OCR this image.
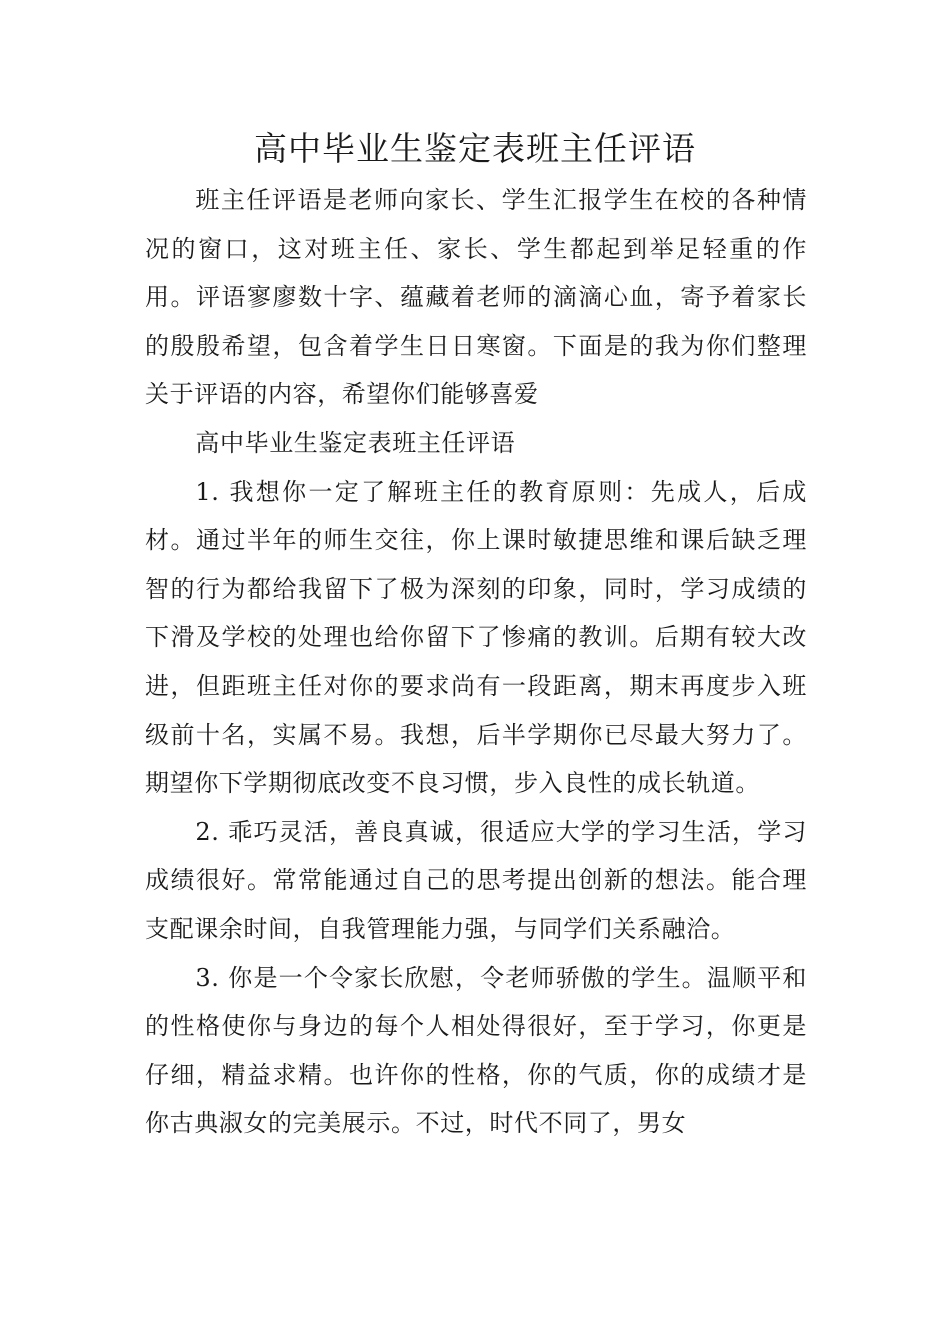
高中毕业生鉴定表班主任评语

班主任评语是老师向家长、学生汇报学生在校的各种情况的窗口，这对班主任、家长、学生都起到举足轻重的作用。评语寥廖数十字、蕴藏着老师的滴滴心血，寄予着家长的殷殷希望，包含着学生日日寒窗。下面是的我为你们整理关于评语的内容，希望你们能够喜爱

高中毕业生鉴定表班主任评语

1. 我想你一定了解班主任的教育原则：先成人，后成材。通过半年的师生交往，你上课时敏捷思维和课后缺乏理智的行为都给我留下了极为深刻的印象，同时，学习成绩的下滑及学校的处理也给你留下了惨痛的教训。后期有较大改进，但距班主任对你的要求尚有一段距离，期末再度步入班级前十名，实属不易。我想，后半学期你已尽最大努力了。期望你下学期彻底改变不良习惯，步入良性的成长轨道。

2. 乖巧灵活，善良真诚，很适应大学的学习生活，学习成绩很好。常常能通过自己的思考提出创新的想法。能合理支配课余时间，自我管理能力强，与同学们关系融洽。

3. 你是一个令家长欣慰，令老师骄傲的学生。温顺平和的性格使你与身边的每个人相处得很好，至于学习，你更是仔细，精益求精。也许你的性格，你的气质，你的成绩才是你古典淑女的完美展示。不过，时代不同了，男女
